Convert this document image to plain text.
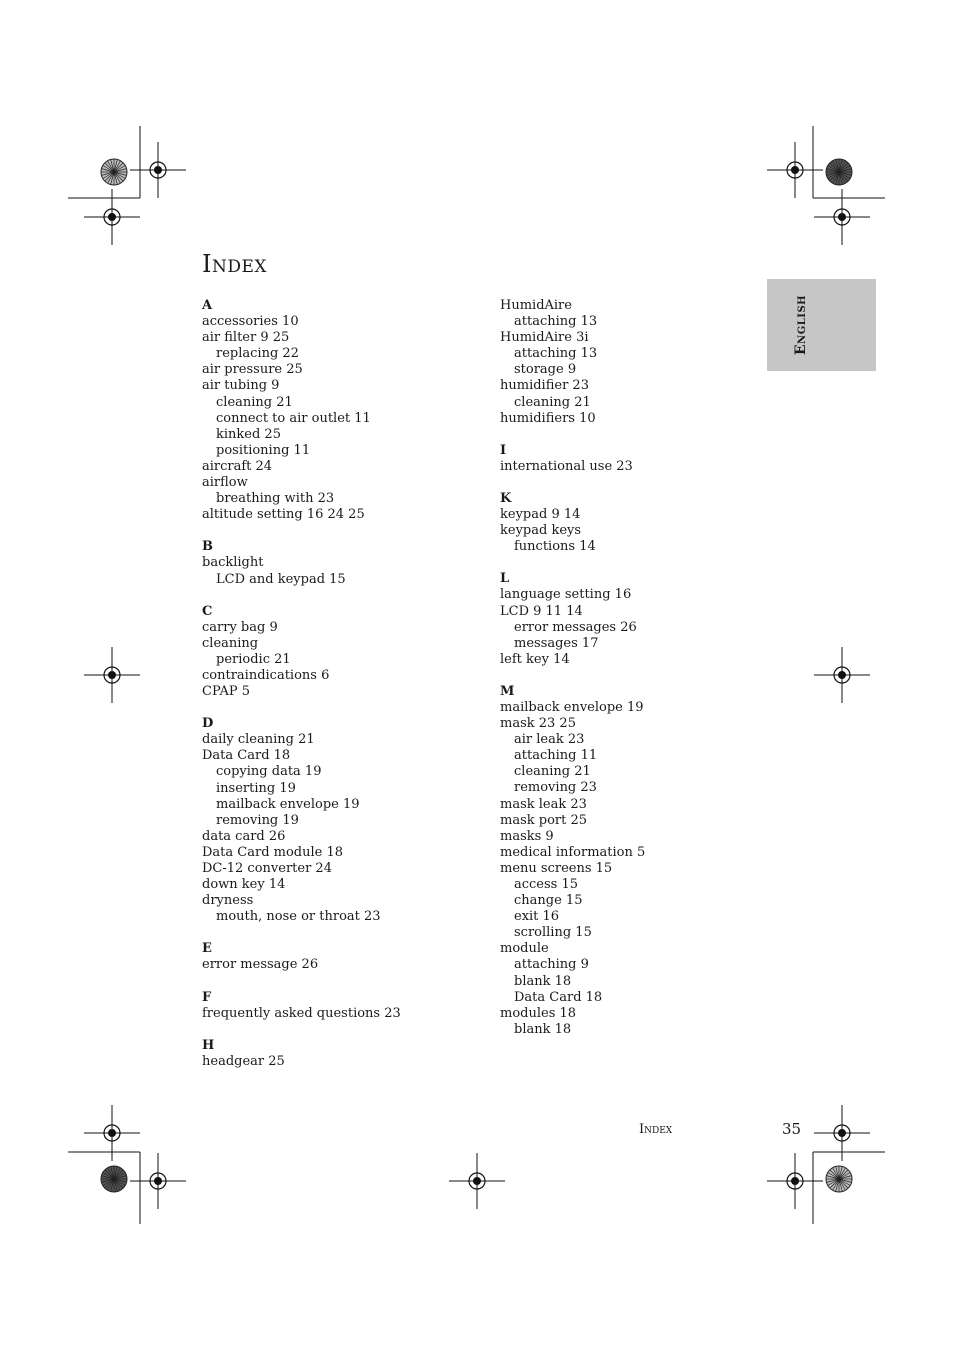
Index
English
A
accessories 10
air filter 9 25
replacing 22
air pressure 25
air tubing 9
cleaning 21
connect to air outlet 11
kinked 25
positioning 11
aircraft 24
airflow
breathing with 23
altitude setting 16 24 25
B
backlight
LCD and keypad 15
C
carry bag 9
cleaning
periodic 21
contraindications 6
CPAP 5
D
daily cleaning 21
Data Card 18
copying data 19
inserting 19
mailback envelope 19
removing 19
data card 26
Data Card module 18
DC-12 converter 24
down key 14
dryness
mouth, nose or throat 23
E
error message 26
F
frequently asked questions 23
H
headgear 25
HumidAire
attaching 13
HumidAire 3i
attaching 13
storage 9
humidifier 23
cleaning 21
humidifiers 10
I
international use 23
K
keypad 9 14
keypad keys
functions 14
L
language setting 16
LCD 9 11 14
error messages 26
messages 17
left key 14
M
mailback envelope 19
mask 23 25
air leak 23
attaching 11
cleaning 21
removing 23
mask leak 23
mask port 25
masks 9
medical information 5
menu screens 15
access 15
change 15
exit 16
scrolling 15
module
attaching 9
blank 18
Data Card 18
modules 18
blank 18
Index	35
